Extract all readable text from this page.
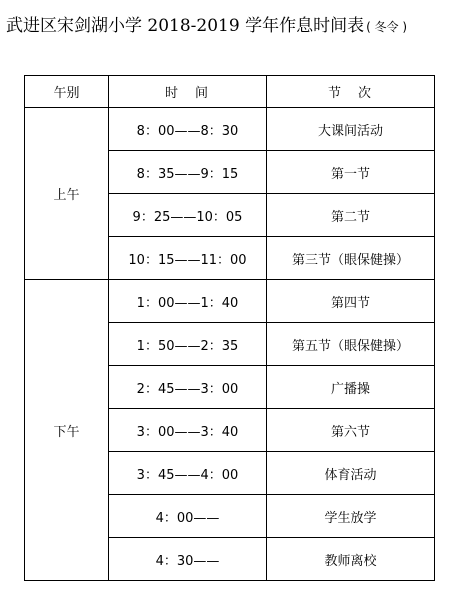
武进区宋剑湖小学 2018-2019 学年作息时间表 ( 冬令 )
午别	时　间	节　次
上午	8：00——8：30	大课间活动
	8：35——9：15	第一节
	9：25——10：05	第二节
	10：15——11：00	第三节（眼保健操）
下午	1：00——1：40	第四节
	1：50——2：35	第五节（眼保健操）
	2：45——3：00	广播操
	3：00——3：40	第六节
	3：45——4：00	体育活动
	4：00——	学生放学
	4：30——	教师离校
